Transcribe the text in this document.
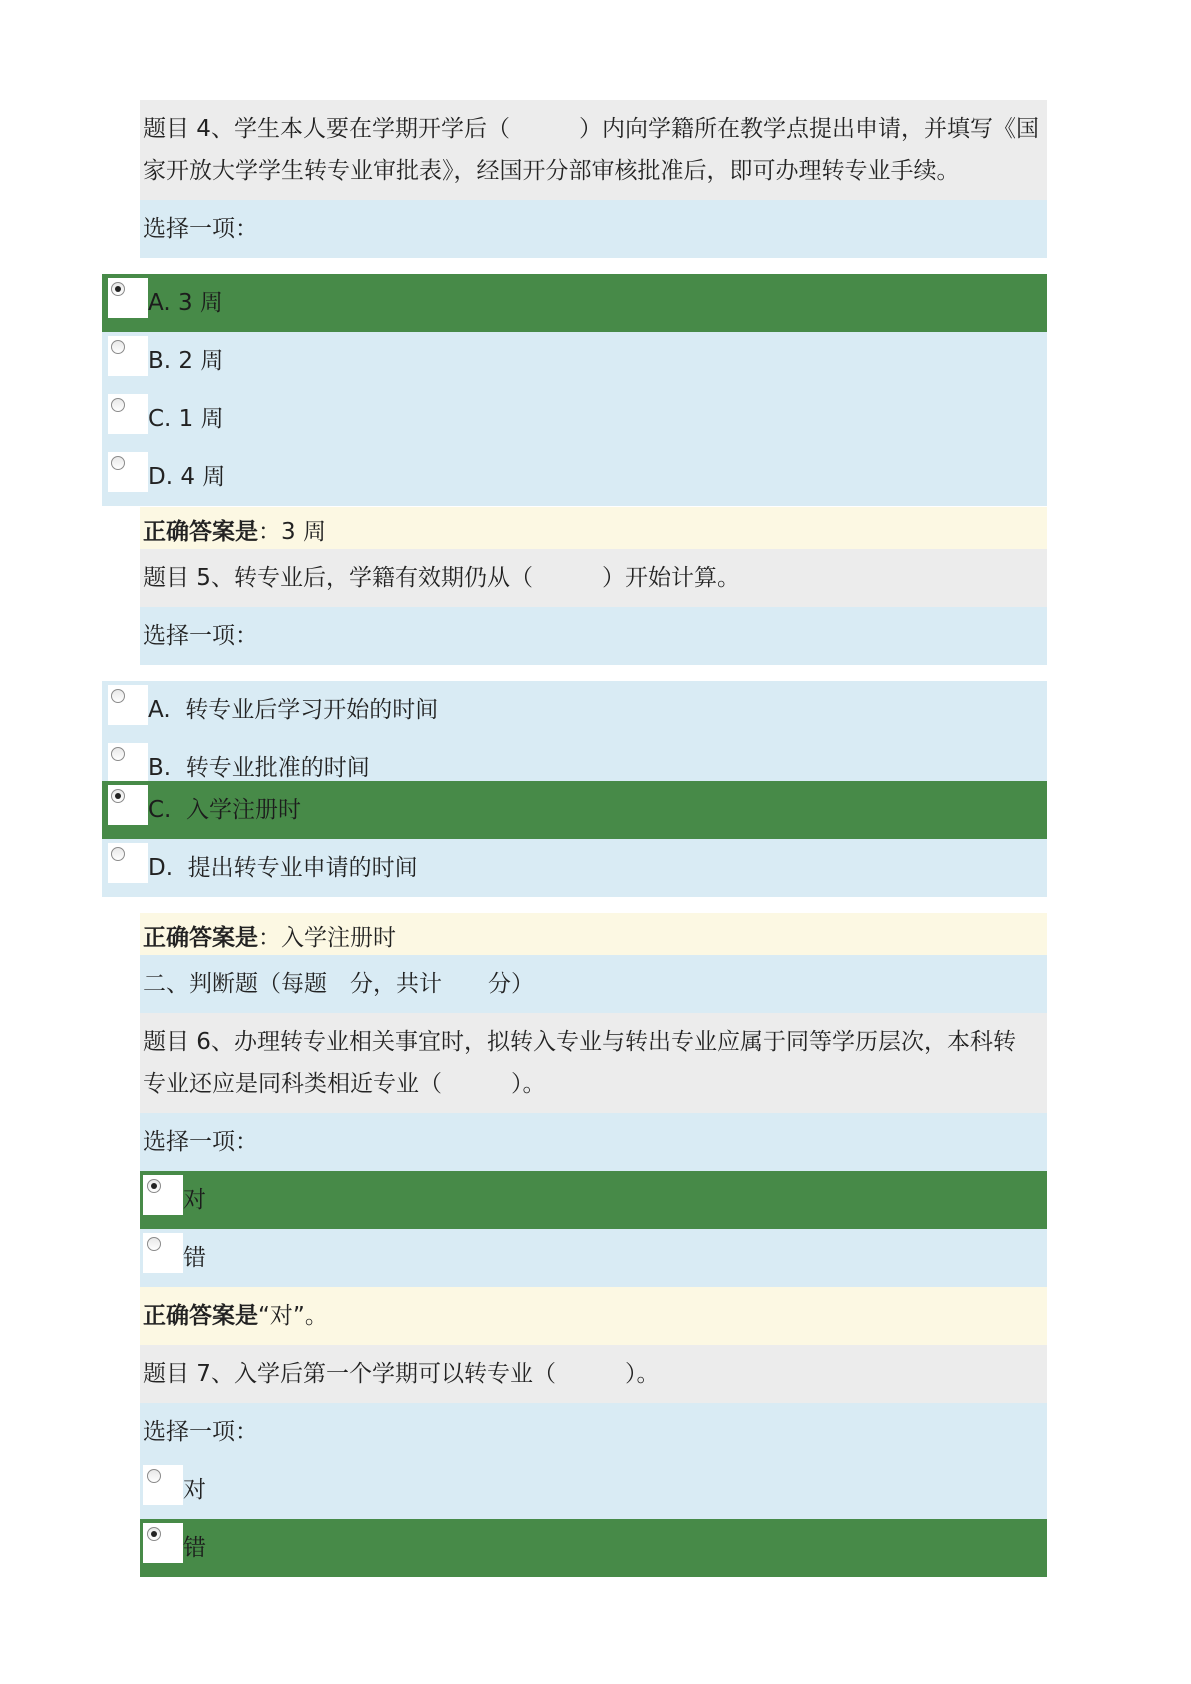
题目 4、学生本人要在学期开学后（　　　）内向学籍所在教学点提出申请，并填写《国
家开放大学学生转专业审批表》，经国开分部审核批准后，即可办理转专业手续。
选择一项：
A. 3 周
B. 2 周
C. 1 周
D. 4 周
正确答案是：3 周
题目 5、转专业后，学籍有效期仍从（　　　）开始计算。
选择一项：
A.  转专业后学习开始的时间
B.  转专业批准的时间
C.  入学注册时
D.  提出转专业申请的时间
正确答案是：入学注册时
二、判断题（每题　分，共计　　分）
题目 6、办理转专业相关事宜时，拟转入专业与转出专业应属于同等学历层次，本科转
专业还应是同科类相近专业（　　　）。
选择一项：
对
错
正确答案是“对”。
题目 7、入学后第一个学期可以转专业（　　　）。
选择一项：
对
错
